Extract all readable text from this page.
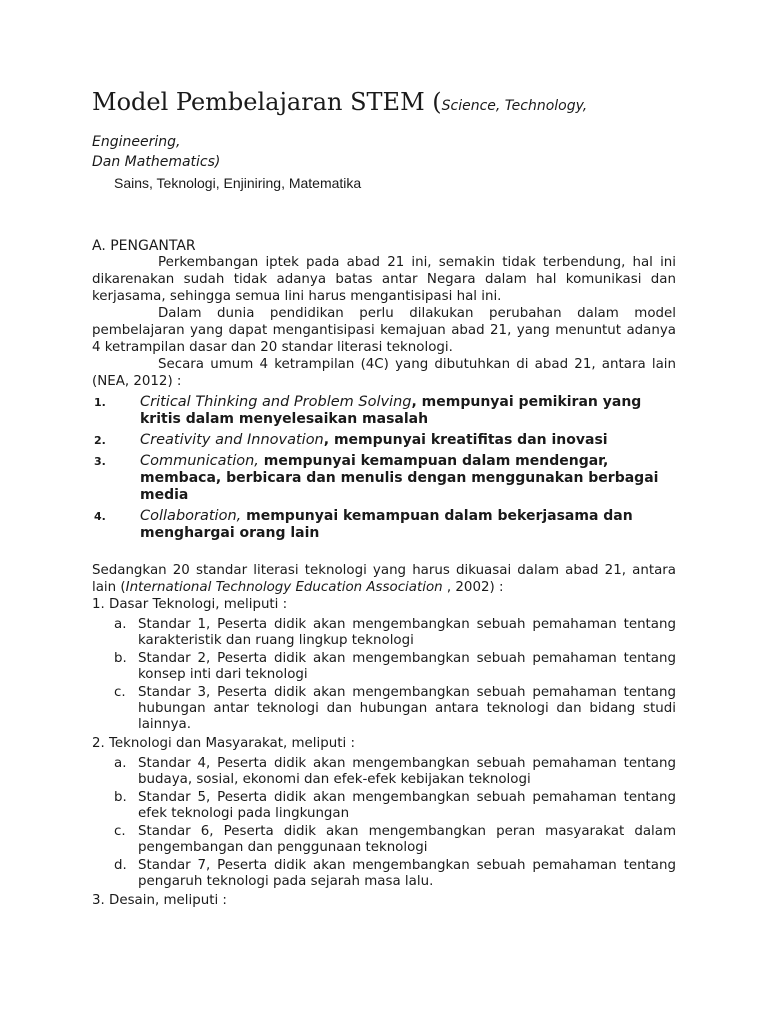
Model Pembelajaran STEM (Science, Technology, Engineering,
Dan Mathematics)
Sains, Teknologi, Enjiniring, Matematika
A. PENGANTAR

Perkembangan iptek pada abad 21 ini, semakin tidak terbendung, hal ini dikarenakan sudah tidak adanya batas antar Negara dalam hal komunikasi dan kerjasama, sehingga semua lini harus mengantisipasi hal ini.

Dalam dunia pendidikan perlu dilakukan perubahan dalam model pembelajaran yang dapat mengantisipasi kemajuan abad 21, yang menuntut adanya 4 ketrampilan dasar dan 20 standar literasi teknologi.

Secara umum 4 ketrampilan (4C) yang dibutuhkan di abad 21, antara lain (NEA, 2012) :

1.	Critical Thinking and Problem Solving, mempunyai pemikiran yang kritis dalam menyelesaikan masalah
2.	Creativity and Innovation, mempunyai kreatifitas dan inovasi
3.	Communication, mempunyai kemampuan dalam mendengar, membaca, berbicara dan menulis dengan menggunakan berbagai media
4.	Collaboration, mempunyai kemampuan dalam bekerjasama dan menghargai orang lain

Sedangkan 20 standar literasi teknologi yang harus dikuasai dalam abad 21, antara lain (International Technology Education Association , 2002) :

1. Dasar Teknologi, meliputi :
a. Standar 1, Peserta didik akan mengembangkan sebuah pemahaman tentang karakteristik dan ruang lingkup teknologi
b. Standar 2, Peserta didik akan mengembangkan sebuah pemahaman tentang konsep inti dari teknologi
c. Standar 3, Peserta didik akan mengembangkan sebuah pemahaman tentang hubungan antar teknologi dan hubungan antara teknologi dan bidang studi lainnya.
2. Teknologi dan Masyarakat, meliputi :
a. Standar 4, Peserta didik akan mengembangkan sebuah pemahaman tentang budaya, sosial, ekonomi dan efek-efek kebijakan teknologi
b. Standar 5, Peserta didik akan mengembangkan sebuah pemahaman tentang efek teknologi pada lingkungan
c. Standar 6, Peserta didik akan mengembangkan peran masyarakat dalam pengembangan dan penggunaan teknologi
d. Standar 7, Peserta didik akan mengembangkan sebuah pemahaman tentang pengaruh teknologi pada sejarah masa lalu.
3. Desain, meliputi :
